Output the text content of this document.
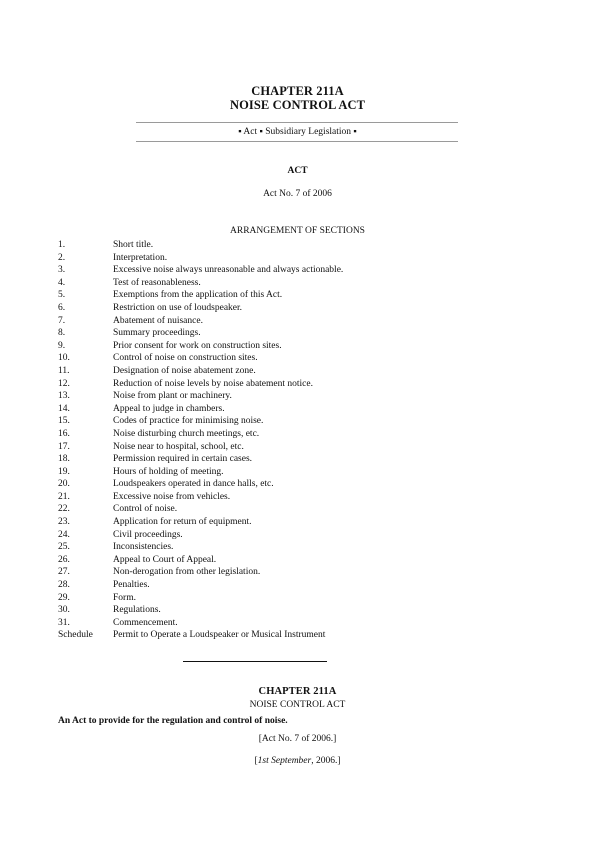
CHAPTER 211A
NOISE CONTROL ACT
▪ Act ▪ Subsidiary Legislation ▪
ACT
Act No. 7 of 2006
ARRANGEMENT OF SECTIONS
1.	Short title.
2.	Interpretation.
3.	Excessive noise always unreasonable and always actionable.
4.	Test of reasonableness.
5.	Exemptions from the application of this Act.
6.	Restriction on use of loudspeaker.
7.	Abatement of nuisance.
8.	Summary proceedings.
9.	Prior consent for work on construction sites.
10.	Control of noise on construction sites.
11.	Designation of noise abatement zone.
12.	Reduction of noise levels by noise abatement notice.
13.	Noise from plant or machinery.
14.	Appeal to judge in chambers.
15.	Codes of practice for minimising noise.
16.	Noise disturbing church meetings, etc.
17.	Noise near to hospital, school, etc.
18.	Permission required in certain cases.
19.	Hours of holding of meeting.
20.	Loudspeakers operated in dance halls, etc.
21.	Excessive noise from vehicles.
22.	Control of noise.
23.	Application for return of equipment.
24.	Civil proceedings.
25.	Inconsistencies.
26.	Appeal to Court of Appeal.
27.	Non-derogation from other legislation.
28.	Penalties.
29.	Form.
30.	Regulations.
31.	Commencement.
Schedule Permit to Operate a Loudspeaker or Musical Instrument
CHAPTER 211A
NOISE CONTROL ACT
An Act to provide for the regulation and control of noise.
[Act No. 7 of 2006.]
[1st September, 2006.]
